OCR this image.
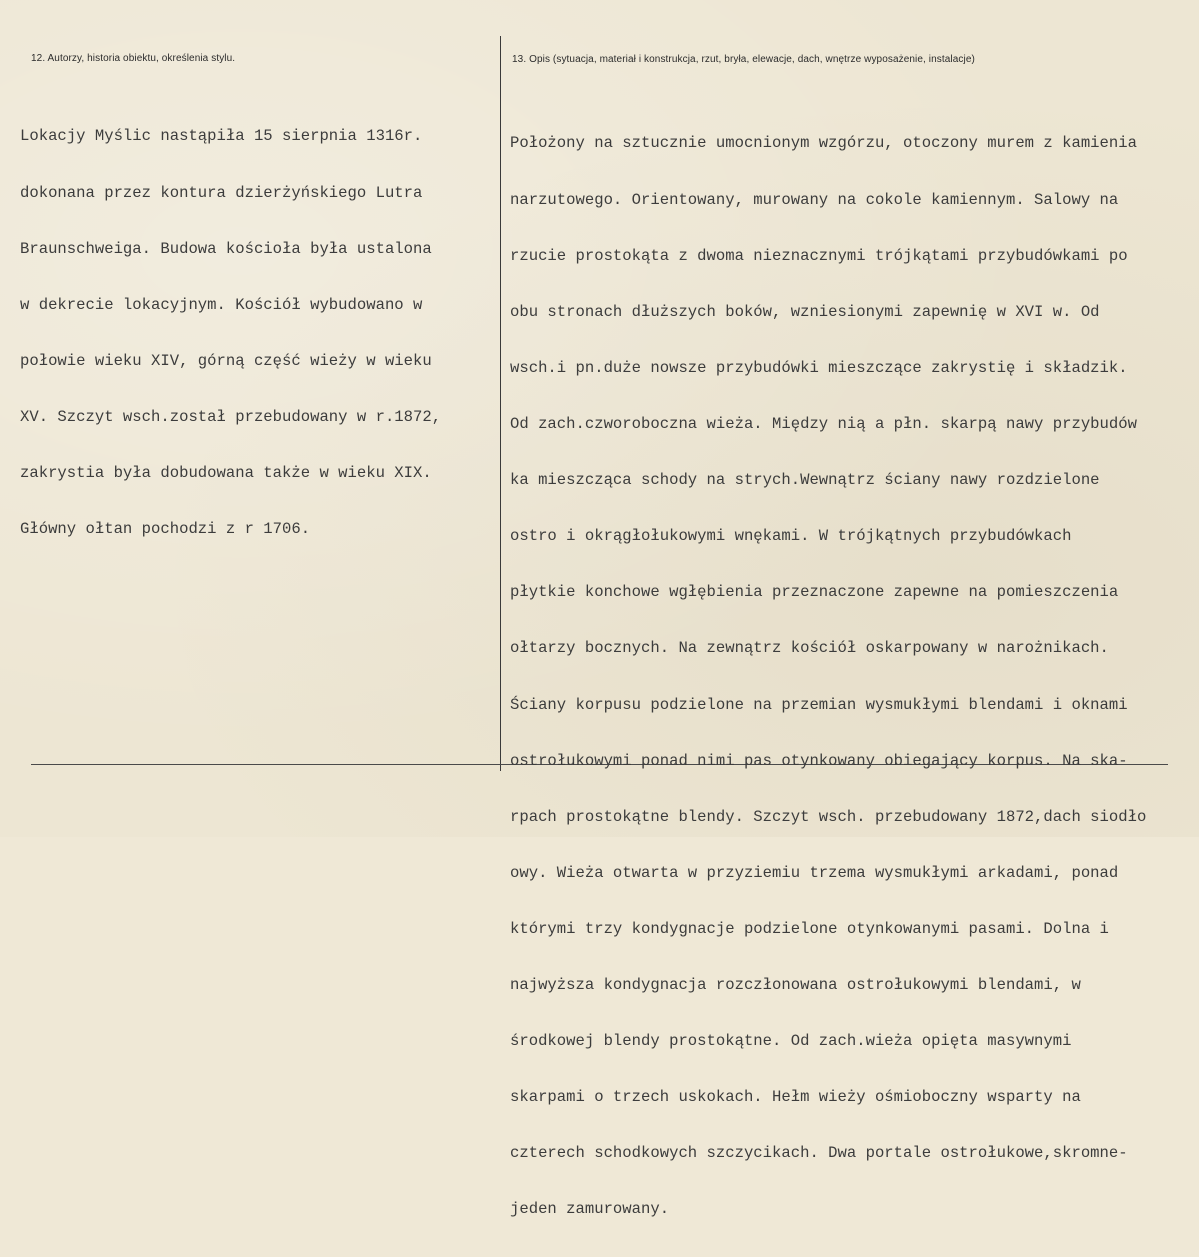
12. Autorzy, historia obiektu, określenia stylu.	13. Opis (sytuacja, materiał i konstrukcja, rzut, bryła, elewacje, dach, wnętrze wyposażenie, instalacje)

Lokacjy Myślic nastąpiła 15 sierpnia 1316r.

dokonana przez kontura dzierżyńskiego Lutra

Braunschweiga. Budowa kościoła była ustalona

w dekrecie lokacyjnym. Kościół wybudowano w

połowie wieku XIV, górną część wieży w wieku

XV. Szczyt wsch.został przebudowany w r.1872,

zakrystia była dobudowana także w wieku XIX.

Główny ołtan pochodzi z r 1706.

Położony na sztucznie umocnionym wzgórzu, otoczony murem z kamienia

narzutowego. Orientowany, murowany na cokole kamiennym. Salowy na

rzucie prostokąta z dwoma nieznacznymi trójkątami przybudówkami po

obu stronach dłuższych boków, wzniesionymi zapewnię w XVI w. Od

wsch.i pn.duże nowsze przybudówki mieszczące zakrystię i składzik.

Od zach.czworoboczna wieża. Między nią a płn. skarpą nawy przybudów

ka mieszcząca schody na strych.Wewnątrz ściany nawy rozdzielone

ostro i okrągłołukowymi wnękami. W trójkątnych przybudówkach

płytkie konchowe wgłębienia przeznaczone zapewne na pomieszczenia

ołtarzy bocznych. Na zewnątrz kościół oskarpowany w narożnikach.

Ściany korpusu podzielone na przemian wysmukłymi blendami i oknami

ostrołukowymi ponad nimi pas otynkowany obiegający korpus. Na ska-

rpach prostokątne blendy. Szczyt wsch. przebudowany 1872,dach siodło

owy. Wieża otwarta w przyziemiu trzema wysmukłymi arkadami, ponad

którymi trzy kondygnacje podzielone otynkowanymi pasami. Dolna i

najwyższa kondygnacja rozczłonowana ostrołukowymi blendami, w

środkowej blendy prostokątne. Od zach.wieża opięta masywnymi

skarpami o trzech uskokach. Hełm wieży ośmioboczny wsparty na

czterech schodkowych szczycikach. Dwa portale ostrołukowe,skromne-

jeden zamurowany.
